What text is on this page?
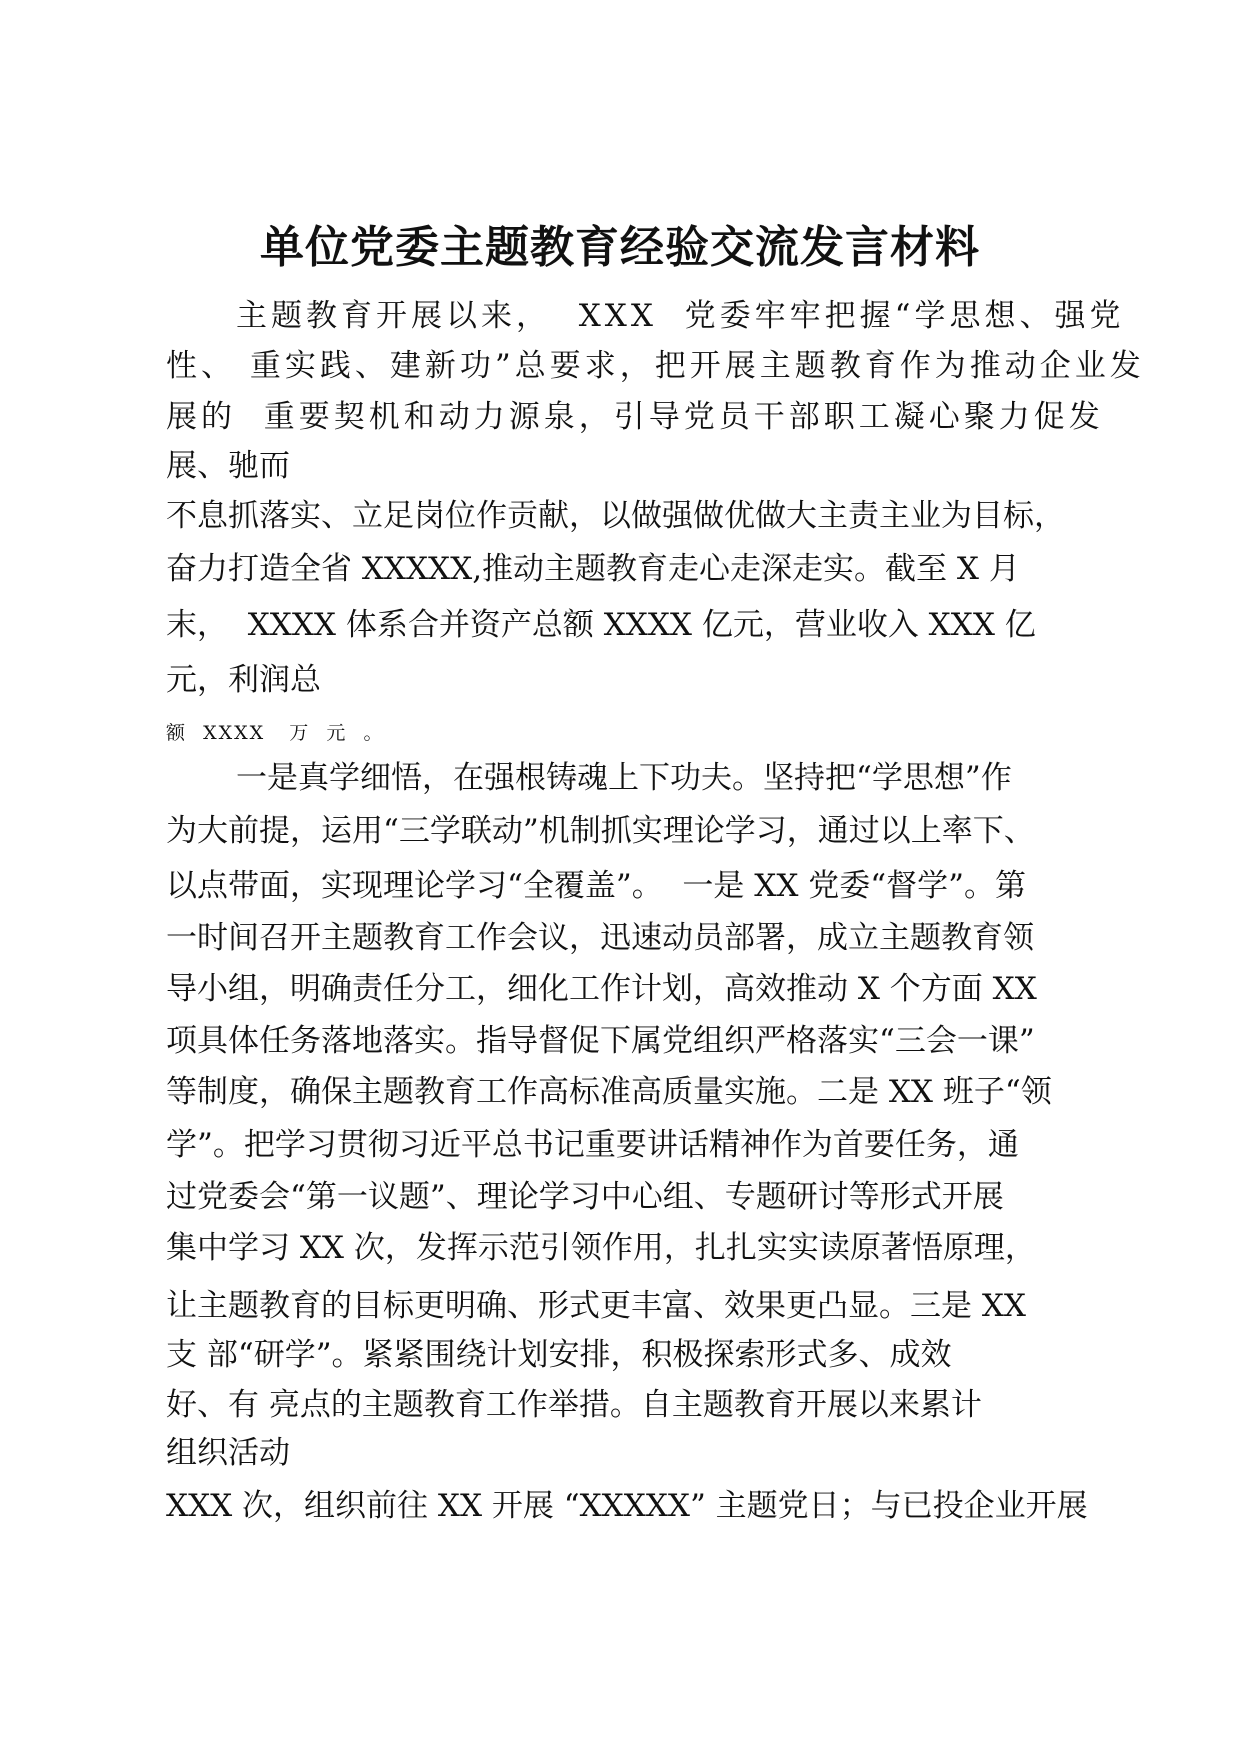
单位党委主题教育经验交流发言材料

主题教育开展以来，  XXX  党委牢牢把握“学思想、强党

性、 重实践、建新功”总要求，把开展主题教育作为推动企业发

展的  重要契机和动力源泉，引导党员干部职工凝心聚力促发

展、驰而

不息抓落实、立足岗位作贡献，以做强做优做大主责主业为目标，

奋力打造全省 XXXXX,推动主题教育走心走深走实。截至 X 月

末，  XXXX 体系合并资产总额 XXXX 亿元，营业收入 XXX 亿

元，利润总

额  XXXX   万  元  。

一是真学细悟，在强根铸魂上下功夫。坚持把“学思想”作

为大前提，运用“三学联动”机制抓实理论学习，通过以上率下、

以点带面，实现理论学习“全覆盖”。  一是 XX 党委“督学”。第

一时间召开主题教育工作会议，迅速动员部署，成立主题教育领

导小组，明确责任分工，细化工作计划，高效推动 X 个方面 XX

项具体任务落地落实。指导督促下属党组织严格落实“三会一课”

等制度，确保主题教育工作高标准高质量实施。二是 XX 班子“领

学”。把学习贯彻习近平总书记重要讲话精神作为首要任务，通

过党委会“第一议题”、理论学习中心组、专题研讨等形式开展

集中学习 XX 次，发挥示范引领作用，扎扎实实读原著悟原理，

让主题教育的目标更明确、形式更丰富、效果更凸显。三是 XX

支 部“研学”。紧紧围绕计划安排，积极探索形式多、成效

好、有 亮点的主题教育工作举措。自主题教育开展以来累计

组织活动

XXX 次，组织前往 XX 开展 “XXXXX” 主题党日；与已投企业开展
